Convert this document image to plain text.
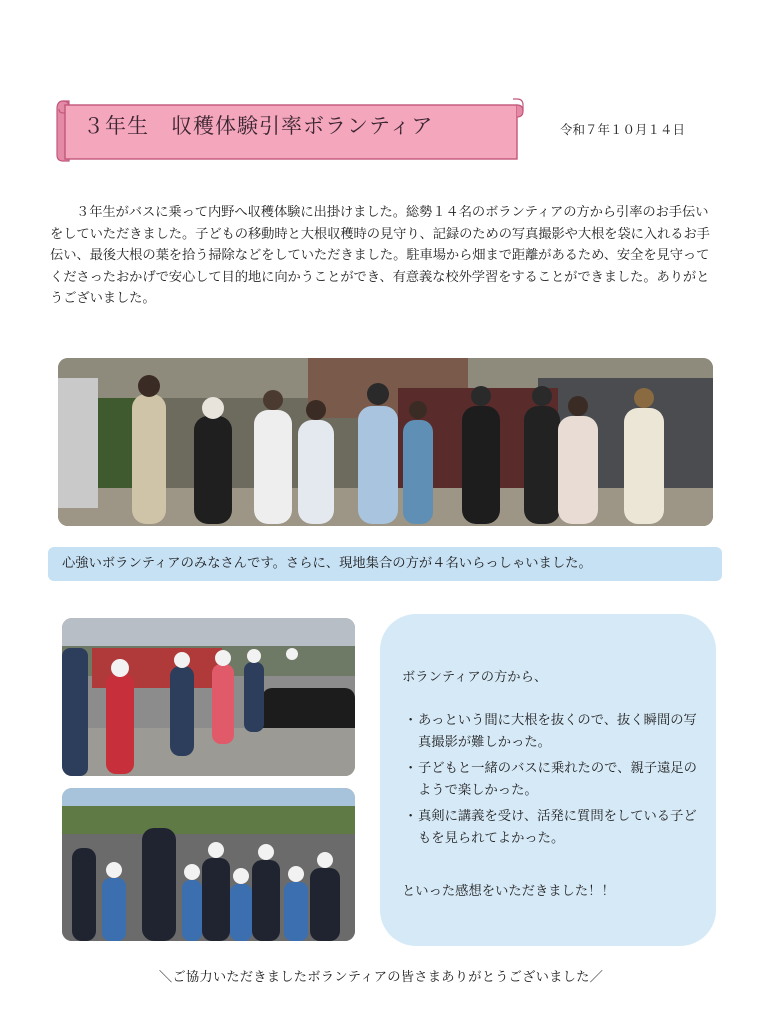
３年生　収穫体験引率ボランティア	令和７年１０月１４日

３年生がバスに乗って内野へ収穫体験に出掛けました。総勢１４名のボランティアの方から引率のお手伝いをしていただきました。子どもの移動時と大根収穫時の見守り、記録のための写真撮影や大根を袋に入れるお手伝い、最後大根の葉を拾う掃除などをしていただきました。駐車場から畑まで距離があるため、安全を見守ってくださったおかげで安心して目的地に向かうことができ、有意義な校外学習をすることができました。ありがとうございました。

心強いボランティアのみなさんです。さらに、現地集合の方が４名いらっしゃいました。

ボランティアの方から、

・ あっという間に大根を抜くので、抜く瞬間の写真撮影が難しかった。
・ 子どもと一緒のバスに乗れたので、親子遠足のようで楽しかった。
・ 真剣に講義を受け、活発に質問をしている子どもを見られてよかった。

といった感想をいただきました！！

＼ご協力いただきましたボランティアの皆さまありがとうございました／
